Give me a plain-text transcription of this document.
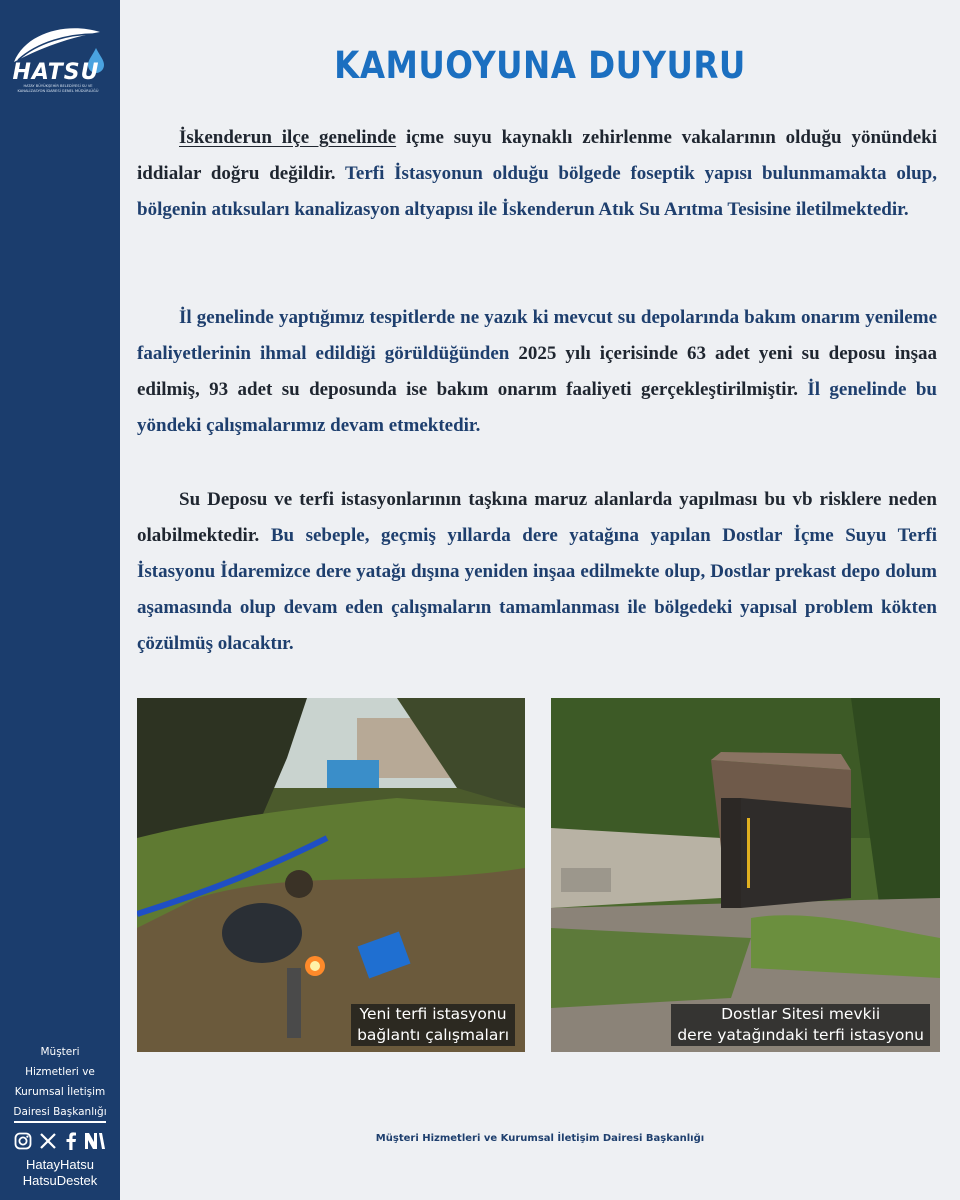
HATSU
HATAY BÜYÜKŞEHİR BELEDİYESİ SU VE KANALİZASYON İDARESİ GENEL MÜDÜRLÜĞÜ
Müşteri
Hizmetleri ve
Kurumsal İletişim
Dairesi Başkanlığı
HatayHatsu
HatsuDestek
KAMUOYUNA DUYURU

İskenderun ilçe genelinde içme suyu kaynaklı zehirlenme vakalarının olduğu yönündeki iddialar doğru değildir. Terfi İstasyonun olduğu bölgede foseptik yapısı bulunmamakta olup, bölgenin atıksuları kanalizasyon altyapısı ile İskenderun Atık Su Arıtma Tesisine iletilmektedir.

İl genelinde yaptığımız tespitlerde ne yazık ki mevcut su depolarında bakım onarım yenileme faaliyetlerinin ihmal edildiği görüldüğünden 2025 yılı içerisinde 63 adet yeni su deposu inşaa edilmiş, 93 adet su deposunda ise bakım onarım faaliyeti gerçekleştirilmiştir. İl genelinde bu yöndeki çalışmalarımız devam etmektedir.

Su Deposu ve terfi istasyonlarının taşkına maruz alanlarda yapılması bu vb risklere neden olabilmektedir. Bu sebeple, geçmiş yıllarda dere yatağına yapılan Dostlar İçme Suyu Terfi İstasyonu İdaremizce dere yatağı dışına yeniden inşaa edilmekte olup, Dostlar prekast depo dolum aşamasında olup devam eden çalışmaların tamamlanması ile bölgedeki yapısal problem kökten çözülmüş olacaktır.

Yeni terfi istasyonu
bağlantı çalışmaları
Dostlar Sitesi mevkii
dere yatağındaki terfi istasyonu
Müşteri Hizmetleri ve Kurumsal İletişim Dairesi Başkanlığı
